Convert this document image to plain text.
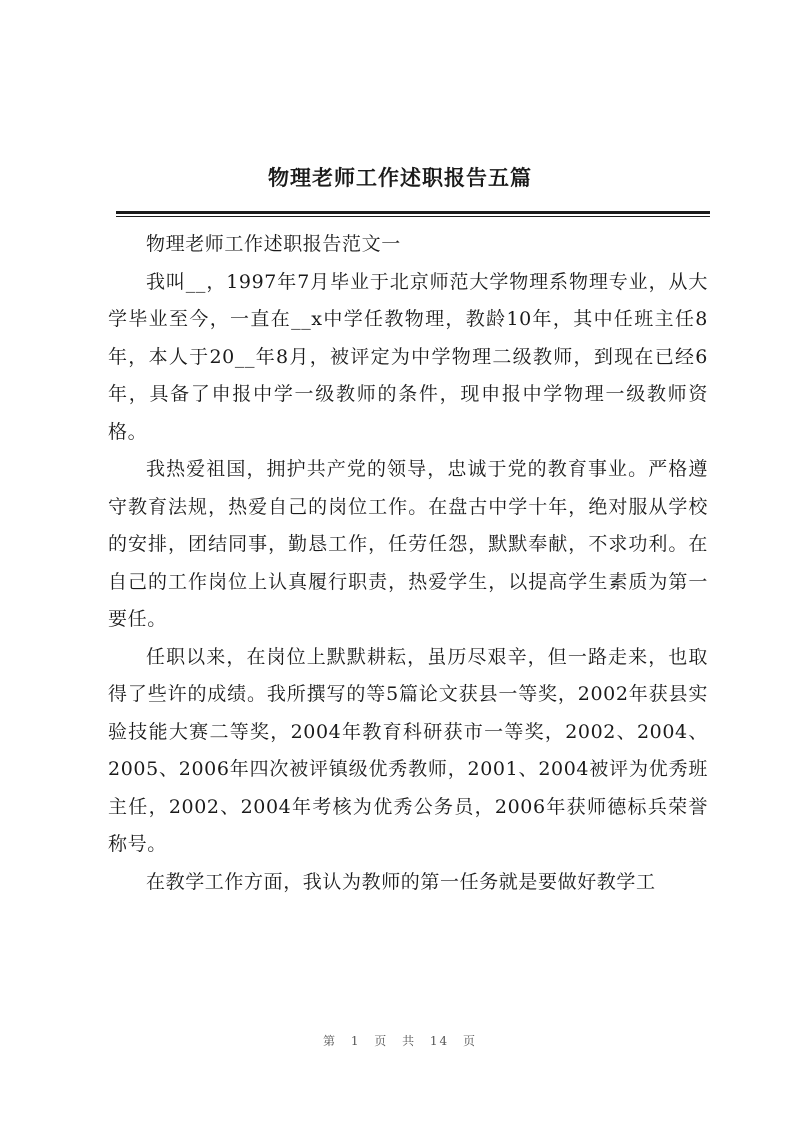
物理老师工作述职报告五篇

物理老师工作述职报告范文一

我叫__，1997年7月毕业于北京师范大学物理系物理专业，从大学毕业至今，一直在__x中学任教物理，教龄10年，其中任班主任8年，本人于20__年8月，被评定为中学物理二级教师，到现在已经6年，具备了申报中学一级教师的条件，现申报中学物理一级教师资格。

我热爱祖国，拥护共产党的领导，忠诚于党的教育事业。严格遵守教育法规，热爱自己的岗位工作。在盘古中学十年，绝对服从学校的安排，团结同事，勤恳工作，任劳任怨，默默奉献，不求功利。在自己的工作岗位上认真履行职责，热爱学生，以提高学生素质为第一要任。

任职以来，在岗位上默默耕耘，虽历尽艰辛，但一路走来，也取得了些许的成绩。我所撰写的等5篇论文获县一等奖，2002年获县实验技能大赛二等奖，2004年教育科研获市一等奖，2002、2004、2005、2006年四次被评镇级优秀教师，2001、2004被评为优秀班主任，2002、2004年考核为优秀公务员，2006年获师德标兵荣誉称号。

在教学工作方面，我认为教师的第一任务就是要做好教学工

第 1 页 共 14 页
